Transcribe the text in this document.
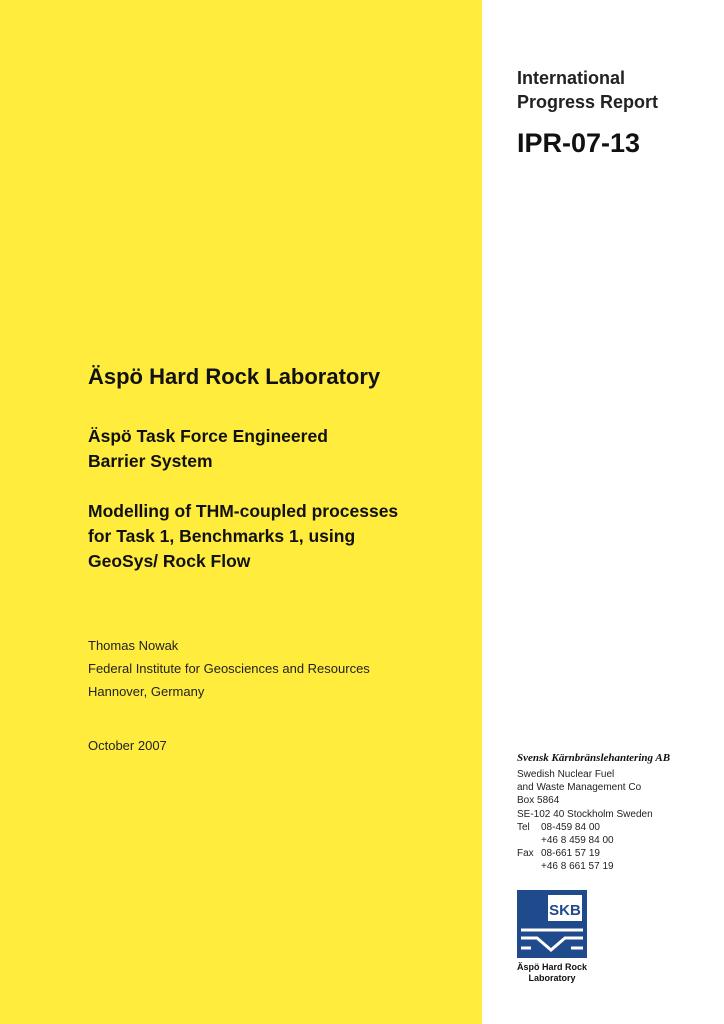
International
Progress Report
IPR-07-13
Äspö Hard Rock Laboratory
Äspö Task Force Engineered
Barrier System
Modelling of THM-coupled processes
for Task 1, Benchmarks 1, using
GeoSys/ Rock Flow
Thomas Nowak
Federal Institute for Geosciences and Resources
Hannover, Germany
October 2007
Svensk Kärnbränslehantering AB
Swedish Nuclear Fuel
and Waste Management Co
Box 5864
SE-102 40 Stockholm Sweden
Tel 08-459 84 00
+46 8 459 84 00
Fax 08-661 57 19
+46 8 661 57 19
SKB
Äspö Hard Rock
Laboratory
